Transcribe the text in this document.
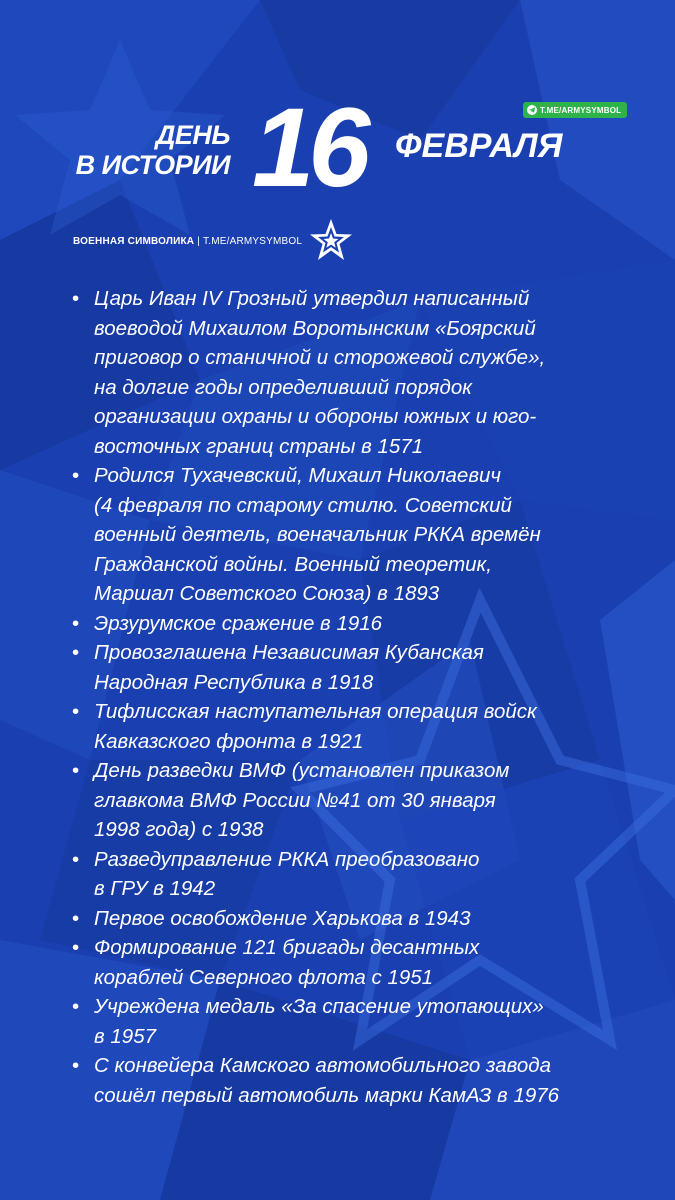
T.ME/ARMYSYMBOL
ДЕНЬ
В ИСТОРИИ 16 ФЕВРАЛЯ
ВОЕННАЯ СИМВОЛИКА | T.ME/ARMYSYMBOL
• Царь Иван IV Грозный утвердил написанный
воеводой Михаилом Воротынским «Боярский
приговор о станичной и сторожевой службе»,
на долгие годы определивший порядок
организации охраны и обороны южных и юго-
восточных границ страны в 1571
• Родился Тухачевский, Михаил Николаевич
(4 февраля по старому стилю. Советский
военный деятель, военачальник РККА времён
Гражданской войны. Военный теоретик,
Маршал Советского Союза) в 1893
• Эрзурумское сражение в 1916
• Провозглашена Независимая Кубанская
Народная Республика в 1918
• Тифлисская наступательная операция войск
Кавказского фронта в 1921
• День разведки ВМФ (установлен приказом
главкома ВМФ России №41 от 30 января
1998 года) с 1938
• Разведуправление РККА преобразовано
в ГРУ в 1942
• Первое освобождение Харькова в 1943
• Формирование 121 бригады десантных
кораблей Северного флота с 1951
• Учреждена медаль «За спасение утопающих»
в 1957
• С конвейера Камского автомобильного завода
сошёл первый автомобиль марки КамАЗ в 1976
